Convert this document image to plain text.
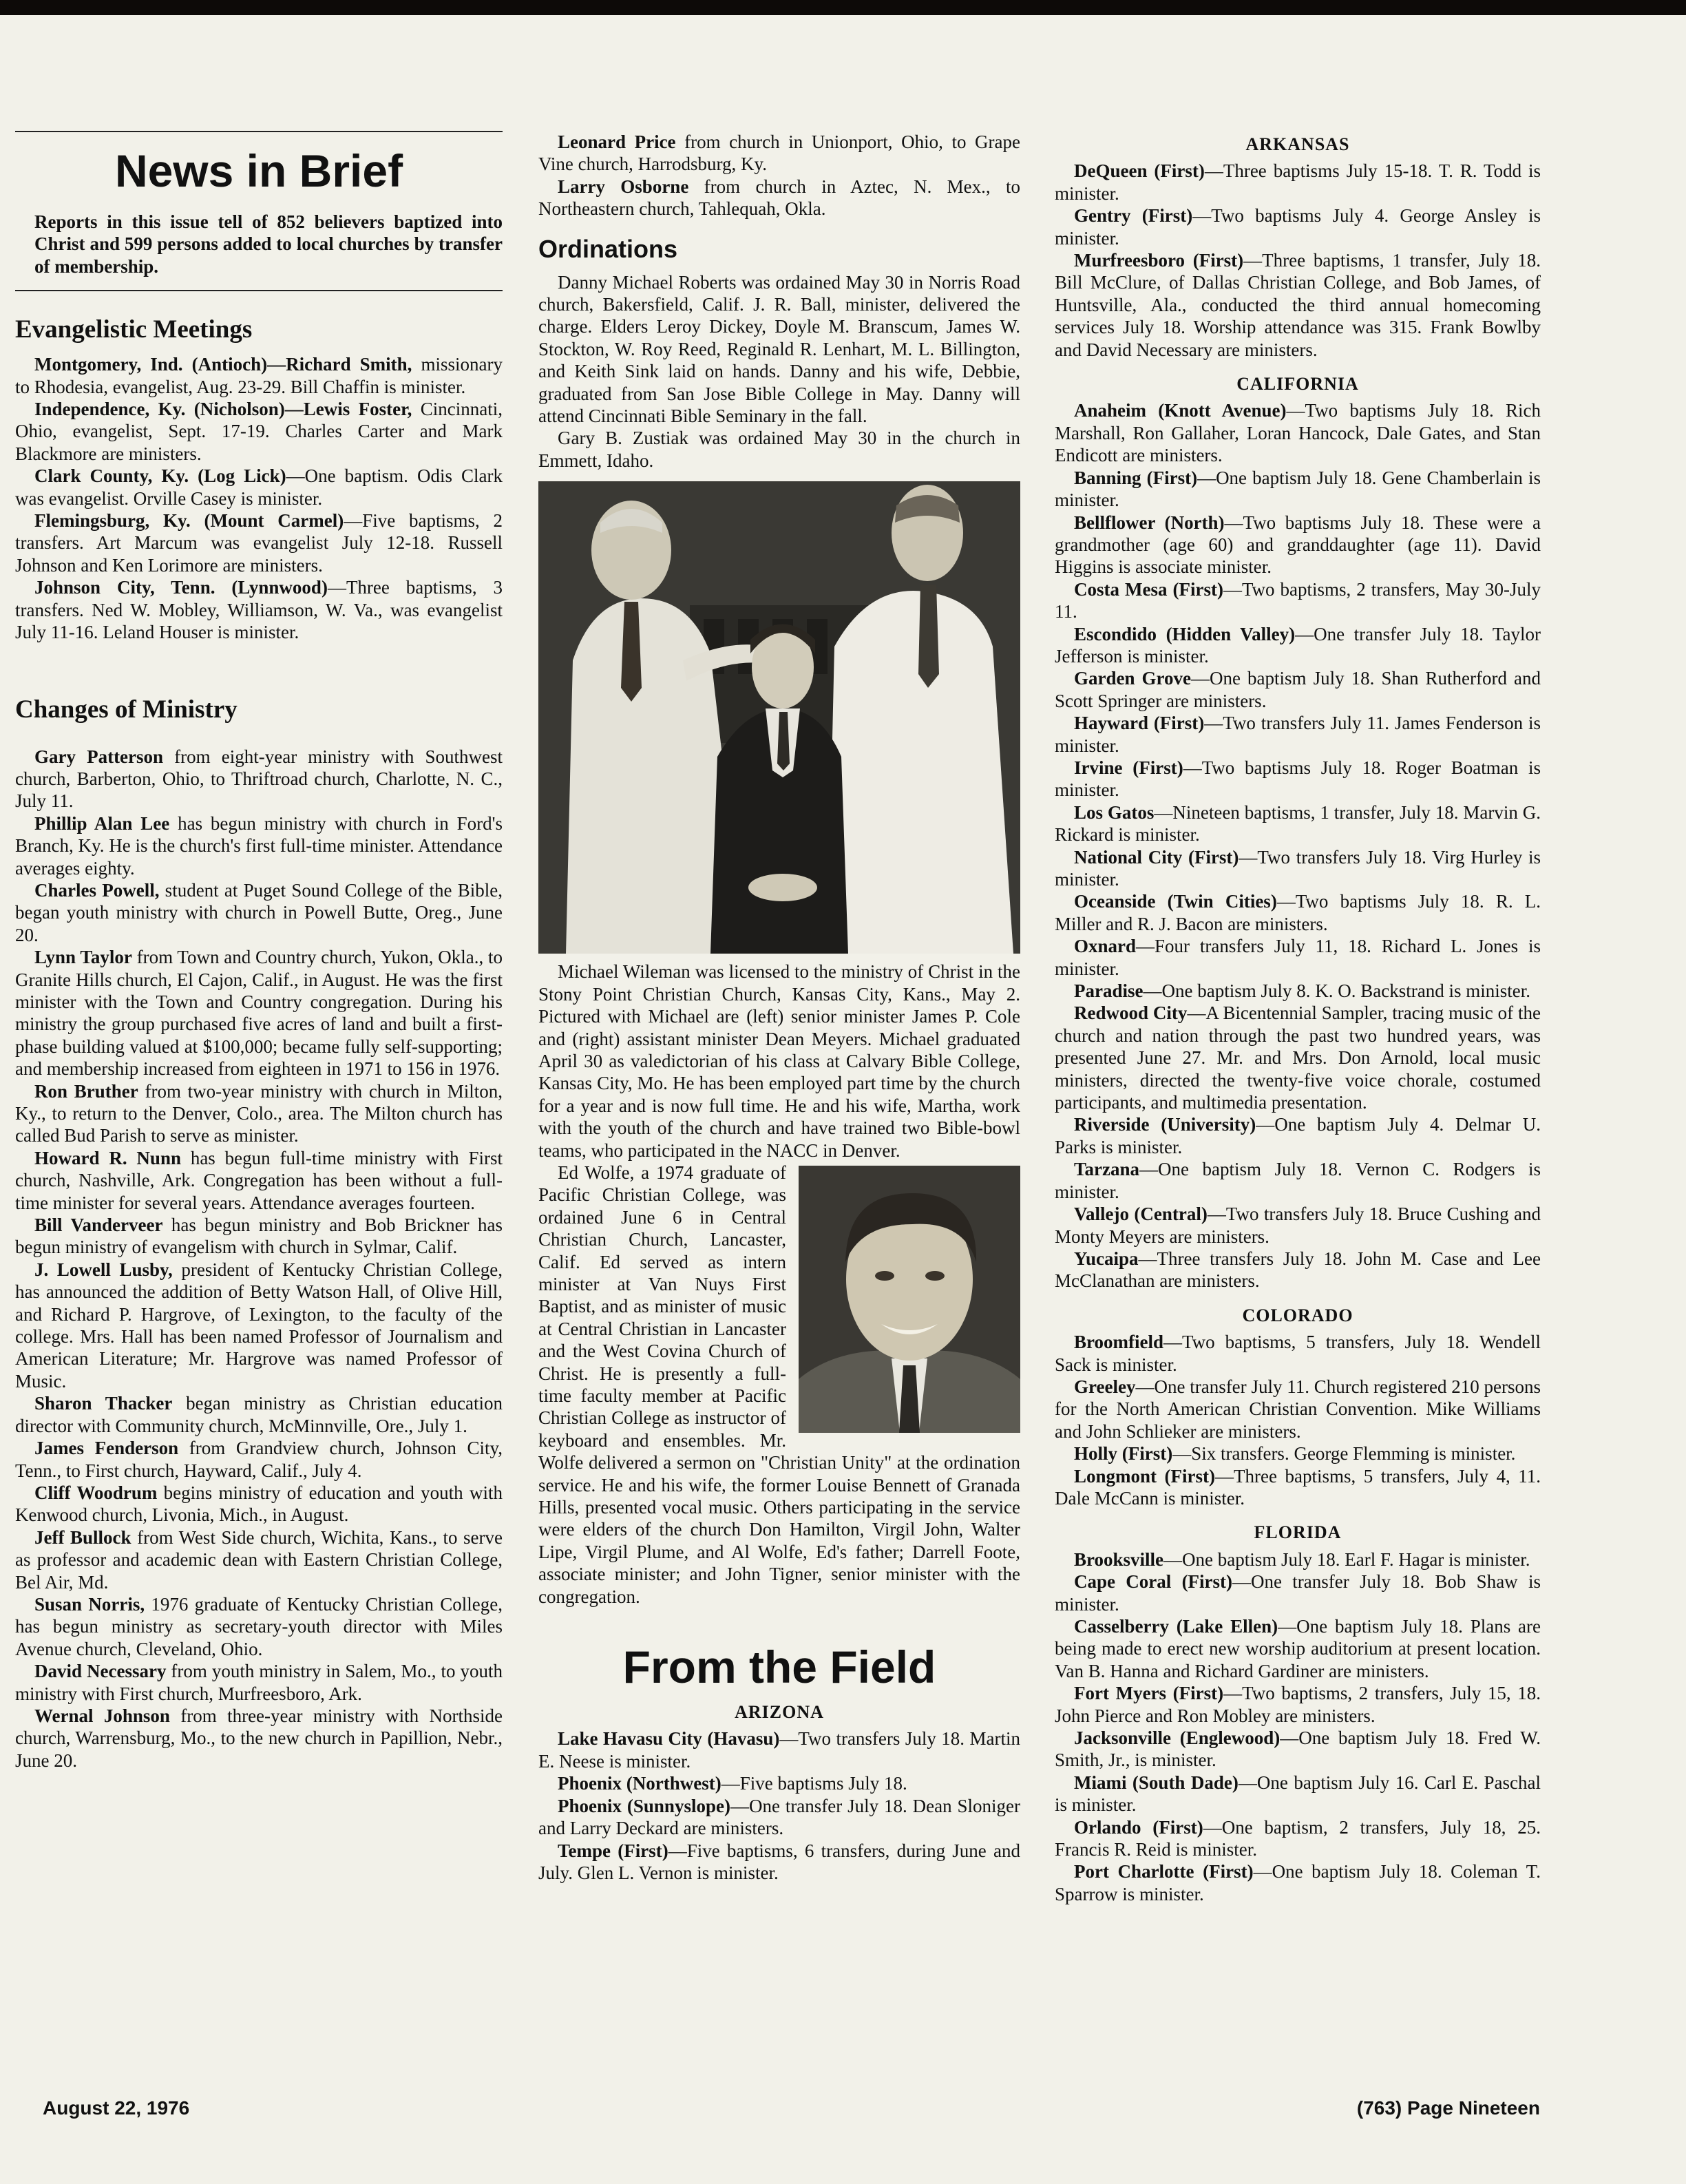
News in Brief
Reports in this issue tell of 852 believers baptized into Christ and 599 persons added to local churches by transfer of membership.
Evangelistic Meetings

Montgomery, Ind. (Antioch)—Richard Smith, missionary to Rhodesia, evangelist, Aug. 23-29. Bill Chaffin is minister.

Independence, Ky. (Nicholson)—Lewis Foster, Cincinnati, Ohio, evangelist, Sept. 17-19. Charles Carter and Mark Blackmore are ministers.

Clark County, Ky. (Log Lick)—One baptism. Odis Clark was evangelist. Orville Casey is minister.

Flemingsburg, Ky. (Mount Carmel)—Five baptisms, 2 transfers. Art Marcum was evangelist July 12-18. Russell Johnson and Ken Lorimore are ministers.

Johnson City, Tenn. (Lynnwood)—Three baptisms, 3 transfers. Ned W. Mobley, Williamson, W. Va., was evangelist July 11-16. Leland Houser is minister.

Changes of Ministry

Gary Patterson from eight-year ministry with Southwest church, Barberton, Ohio, to Thriftroad church, Charlotte, N. C., July 11.

Phillip Alan Lee has begun ministry with church in Ford's Branch, Ky. He is the church's first full-time minister. Attendance averages eighty.

Charles Powell, student at Puget Sound College of the Bible, began youth ministry with church in Powell Butte, Oreg., June 20.

Lynn Taylor from Town and Country church, Yukon, Okla., to Granite Hills church, El Cajon, Calif., in August. He was the first minister with the Town and Country congregation. During his ministry the group purchased five acres of land and built a first-phase building valued at $100,000; became fully self-supporting; and membership increased from eighteen in 1971 to 156 in 1976.

Ron Bruther from two-year ministry with church in Milton, Ky., to return to the Denver, Colo., area. The Milton church has called Bud Parish to serve as minister.

Howard R. Nunn has begun full-time ministry with First church, Nashville, Ark. Congregation has been without a full-time minister for several years. Attendance averages fourteen.

Bill Vanderveer has begun ministry and Bob Brickner has begun ministry of evangelism with church in Sylmar, Calif.

J. Lowell Lusby, president of Kentucky Christian College, has announced the addition of Betty Watson Hall, of Olive Hill, and Richard P. Hargrove, of Lexington, to the faculty of the college. Mrs. Hall has been named Professor of Journalism and American Literature; Mr. Hargrove was named Professor of Music.

Sharon Thacker began ministry as Christian education director with Community church, McMinnville, Ore., July 1.

James Fenderson from Grandview church, Johnson City, Tenn., to First church, Hayward, Calif., July 4.

Cliff Woodrum begins ministry of education and youth with Kenwood church, Livonia, Mich., in August.

Jeff Bullock from West Side church, Wichita, Kans., to serve as professor and academic dean with Eastern Christian College, Bel Air, Md.

Susan Norris, 1976 graduate of Kentucky Christian College, has begun ministry as secretary-youth director with Miles Avenue church, Cleveland, Ohio.

David Necessary from youth ministry in Salem, Mo., to youth ministry with First church, Murfreesboro, Ark.

Wernal Johnson from three-year ministry with Northside church, Warrensburg, Mo., to the new church in Papillion, Nebr., June 20.

Leonard Price from church in Unionport, Ohio, to Grape Vine church, Harrodsburg, Ky.

Larry Osborne from church in Aztec, N. Mex., to Northeastern church, Tahlequah, Okla.

Ordinations

Danny Michael Roberts was ordained May 30 in Norris Road church, Bakersfield, Calif. J. R. Ball, minister, delivered the charge. Elders Leroy Dickey, Doyle M. Branscum, James W. Stockton, W. Roy Reed, Reginald R. Lenhart, M. L. Billington, and Keith Sink laid on hands. Danny and his wife, Debbie, graduated from San Jose Bible College in May. Danny will attend Cincinnati Bible Seminary in the fall.

Gary B. Zustiak was ordained May 30 in the church in Emmett, Idaho.

Michael Wileman was licensed to the ministry of Christ in the Stony Point Christian Church, Kansas City, Kans., May 2. Pictured with Michael are (left) senior minister James P. Cole and (right) assistant minister Dean Meyers. Michael graduated April 30 as valedictorian of his class at Calvary Bible College, Kansas City, Mo. He has been employed part time by the church for a year and is now full time. He and his wife, Martha, work with the youth of the church and have trained two Bible-bowl teams, who participated in the NACC in Denver.

Ed Wolfe, a 1974 graduate of Pacific Christian College, was ordained June 6 in Central Christian Church, Lancaster, Calif. Ed served as intern minister at Van Nuys First Baptist, and as minister of music at Central Christian in Lancaster and the West Covina Church of Christ. He is presently a full-time faculty member at Pacific Christian College as instructor of keyboard and ensembles. Mr. Wolfe delivered a sermon on "Christian Unity" at the ordination service. He and his wife, the former Louise Bennett of Granada Hills, presented vocal music. Others participating in the service were elders of the church Don Hamilton, Virgil John, Walter Lipe, Virgil Plume, and Al Wolfe, Ed's father; Darrell Foote, associate minister; and John Tigner, senior minister with the congregation.

From the Field
ARIZONA

Lake Havasu City (Havasu)—Two transfers July 18. Martin E. Neese is minister.

Phoenix (Northwest)—Five baptisms July 18.

Phoenix (Sunnyslope)—One transfer July 18. Dean Sloniger and Larry Deckard are ministers.

Tempe (First)—Five baptisms, 6 transfers, during June and July. Glen L. Vernon is minister.

ARKANSAS

DeQueen (First)—Three baptisms July 15-18. T. R. Todd is minister.

Gentry (First)—Two baptisms July 4. George Ansley is minister.

Murfreesboro (First)—Three baptisms, 1 transfer, July 18. Bill McClure, of Dallas Christian College, and Bob James, of Huntsville, Ala., conducted the third annual homecoming services July 18. Worship attendance was 315. Frank Bowlby and David Necessary are ministers.

CALIFORNIA

Anaheim (Knott Avenue)—Two baptisms July 18. Rich Marshall, Ron Gallaher, Loran Hancock, Dale Gates, and Stan Endicott are ministers.

Banning (First)—One baptism July 18. Gene Chamberlain is minister.

Bellflower (North)—Two baptisms July 18. These were a grandmother (age 60) and granddaughter (age 11). David Higgins is associate minister.

Costa Mesa (First)—Two baptisms, 2 transfers, May 30-July 11.

Escondido (Hidden Valley)—One transfer July 18. Taylor Jefferson is minister.

Garden Grove—One baptism July 18. Shan Rutherford and Scott Springer are ministers.

Hayward (First)—Two transfers July 11. James Fenderson is minister.

Irvine (First)—Two baptisms July 18. Roger Boatman is minister.

Los Gatos—Nineteen baptisms, 1 transfer, July 18. Marvin G. Rickard is minister.

National City (First)—Two transfers July 18. Virg Hurley is minister.

Oceanside (Twin Cities)—Two baptisms July 18. R. L. Miller and R. J. Bacon are ministers.

Oxnard—Four transfers July 11, 18. Richard L. Jones is minister.

Paradise—One baptism July 8. K. O. Backstrand is minister.

Redwood City—A Bicentennial Sampler, tracing music of the church and nation through the past two hundred years, was presented June 27. Mr. and Mrs. Don Arnold, local music ministers, directed the twenty-five voice chorale, costumed participants, and multimedia presentation.

Riverside (University)—One baptism July 4. Delmar U. Parks is minister.

Tarzana—One baptism July 18. Vernon C. Rodgers is minister.

Vallejo (Central)—Two transfers July 18. Bruce Cushing and Monty Meyers are ministers.

Yucaipa—Three transfers July 18. John M. Case and Lee McClanathan are ministers.

COLORADO

Broomfield—Two baptisms, 5 transfers, July 18. Wendell Sack is minister.

Greeley—One transfer July 11. Church registered 210 persons for the North American Christian Convention. Mike Williams and John Schlieker are ministers.

Holly (First)—Six transfers. George Flemming is minister.

Longmont (First)—Three baptisms, 5 transfers, July 4, 11. Dale McCann is minister.

FLORIDA

Brooksville—One baptism July 18. Earl F. Hagar is minister.

Cape Coral (First)—One transfer July 18. Bob Shaw is minister.

Casselberry (Lake Ellen)—One baptism July 18. Plans are being made to erect new worship auditorium at present location. Van B. Hanna and Richard Gardiner are ministers.

Fort Myers (First)—Two baptisms, 2 transfers, July 15, 18. John Pierce and Ron Mobley are ministers.

Jacksonville (Englewood)—One baptism July 18. Fred W. Smith, Jr., is minister.

Miami (South Dade)—One baptism July 16. Carl E. Paschal is minister.

Orlando (First)—One baptism, 2 transfers, July 18, 25. Francis R. Reid is minister.

Port Charlotte (First)—One baptism July 18. Coleman T. Sparrow is minister.

August 22, 1976	(763) Page Nineteen
